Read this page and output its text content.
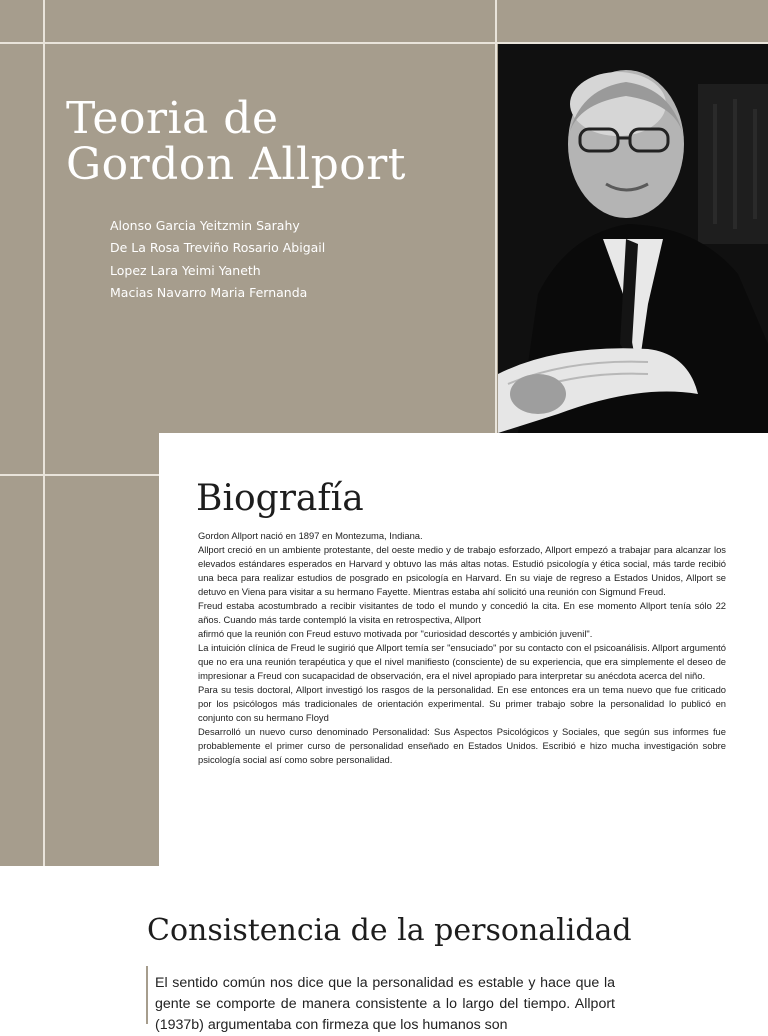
Teoria de
Gordon Allport
Alonso Garcia Yeitzmin Sarahy
De La Rosa Treviño Rosario Abigail
Lopez Lara Yeimi Yaneth
Macias Navarro Maria Fernanda
Biografía

Gordon Allport nació en 1897 en Montezuma, Indiana.

Allport creció en un ambiente protestante, del oeste medio y de trabajo esforzado, Allport empezó a trabajar para alcanzar los elevados estándares esperados en Harvard y obtuvo las más altas notas. Estudió psicología y ética social, más tarde recibió una beca para realizar estudios de posgrado en psicología en Harvard. En su viaje de regreso a Estados Unidos, Allport se detuvo en Viena para visitar a su hermano Fayette. Mientras estaba ahí solicitó una reunión con Sigmund Freud.

Freud estaba acostumbrado a recibir visitantes de todo el mundo y concedió la cita. En ese momento Allport tenía sólo 22 años. Cuando más tarde contempló la visita en retrospectiva, Allport

afirmó que la reunión con Freud estuvo motivada por "curiosidad descortés y ambición juvenil".

La intuición clínica de Freud le sugirió que Allport temía ser "ensuciado" por su contacto con el psicoanálisis. Allport argumentó que no era una reunión terapéutica y que el nivel manifiesto (consciente) de su experiencia, que era simplemente el deseo de impresionar a Freud con sucapacidad de observación, era el nivel apropiado para interpretar su anécdota acerca del niño.

Para su tesis doctoral, Allport investigó los rasgos de la personalidad. En ese entonces era un tema nuevo que fue criticado por los psicólogos más tradicionales de orientación experimental. Su primer trabajo sobre la personalidad lo publicó en conjunto con su hermano Floyd

Desarrolló un nuevo curso denominado Personalidad: Sus Aspectos Psicológicos y Sociales, que según sus informes fue probablemente el primer curso de personalidad enseñado en Estados Unidos. Escribió e hizo mucha investigación sobre psicología social así como sobre personalidad.

Consistencia de la personalidad

El sentido común nos dice que la personalidad es estable y hace que la gente se comporte de manera consistente a lo largo del tiempo. Allport (1937b) argumentaba con firmeza que los humanos son
